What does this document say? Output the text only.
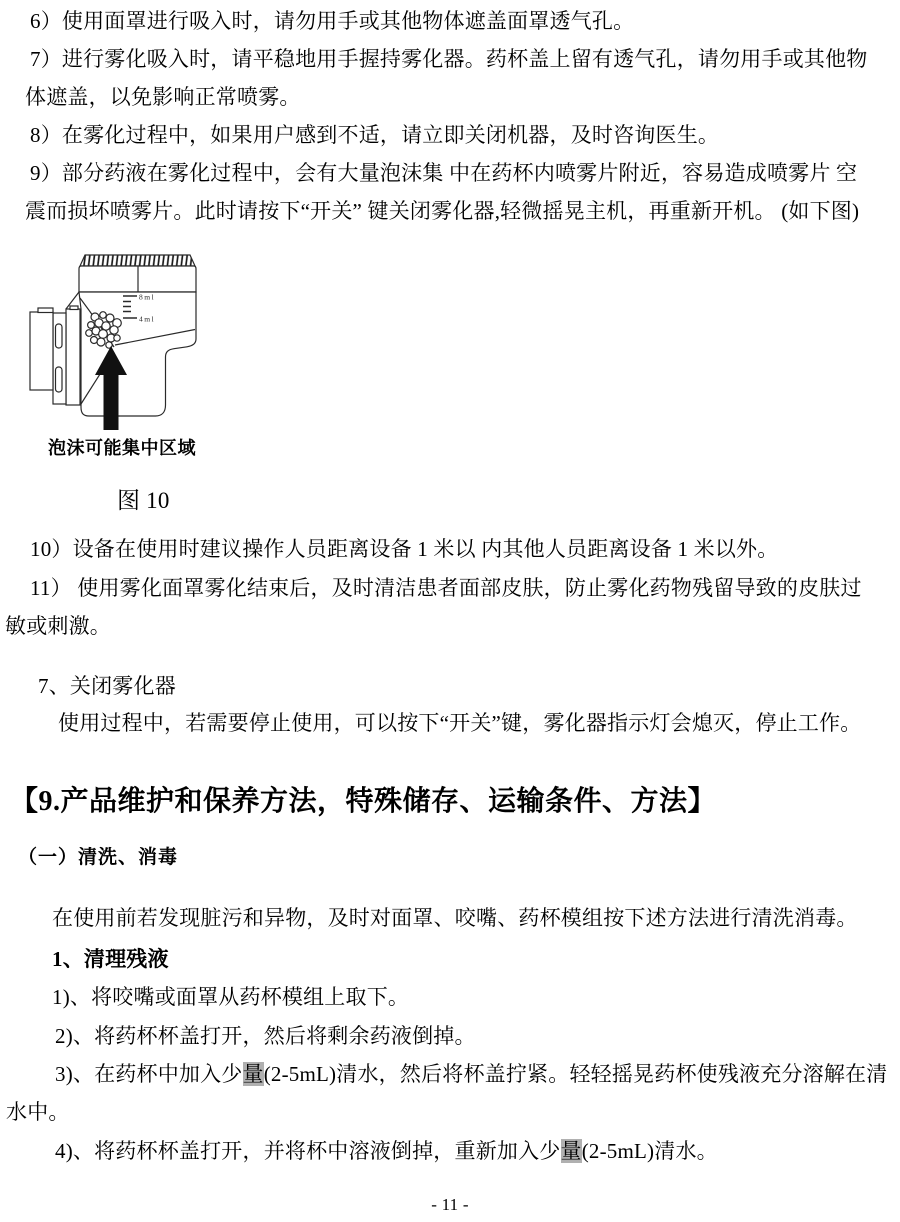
6）使用面罩进行吸入时，请勿用手或其他物体遮盖面罩透气孔。
7）进行雾化吸入时，请平稳地用手握持雾化器。药杯盖上留有透气孔，请勿用手或其他物
体遮盖，以免影响正常喷雾。
8）在雾化过程中，如果用户感到不适，请立即关闭机器，及时咨询医生。
9）部分药液在雾化过程中，会有大量泡沫集 中在药杯内喷雾片附近，容易造成喷雾片 空
震而损坏喷雾片。此时请按下“开关” 键关闭雾化器,轻微摇晃主机，再重新开机。 (如下图)
8ml
4ml
泡沫可能集中区域
图 10
10）设备在使用时建议操作人员距离设备 1 米以 内其他人员距离设备 1 米以外。
11） 使用雾化面罩雾化结束后，及时清洁患者面部皮肤，防止雾化药物残留导致的皮肤过
敏或刺激。
7、关闭雾化器
使用过程中，若需要停止使用，可以按下“开关”键，雾化器指示灯会熄灭，停止工作。
【9.产品维护和保养方法，特殊储存、运输条件、方法】
（一）清洗、消毒
在使用前若发现脏污和异物，及时对面罩、咬嘴、药杯模组按下述方法进行清洗消毒。
1、清理残液
1)、将咬嘴或面罩从药杯模组上取下。
2)、将药杯杯盖打开，然后将剩余药液倒掉。
3)、在药杯中加入少量(2-5mL)清水，然后将杯盖拧紧。轻轻摇晃药杯使残液充分溶解在清
水中。
4)、将药杯杯盖打开，并将杯中溶液倒掉，重新加入少量(2-5mL)清水。
- 11 -
